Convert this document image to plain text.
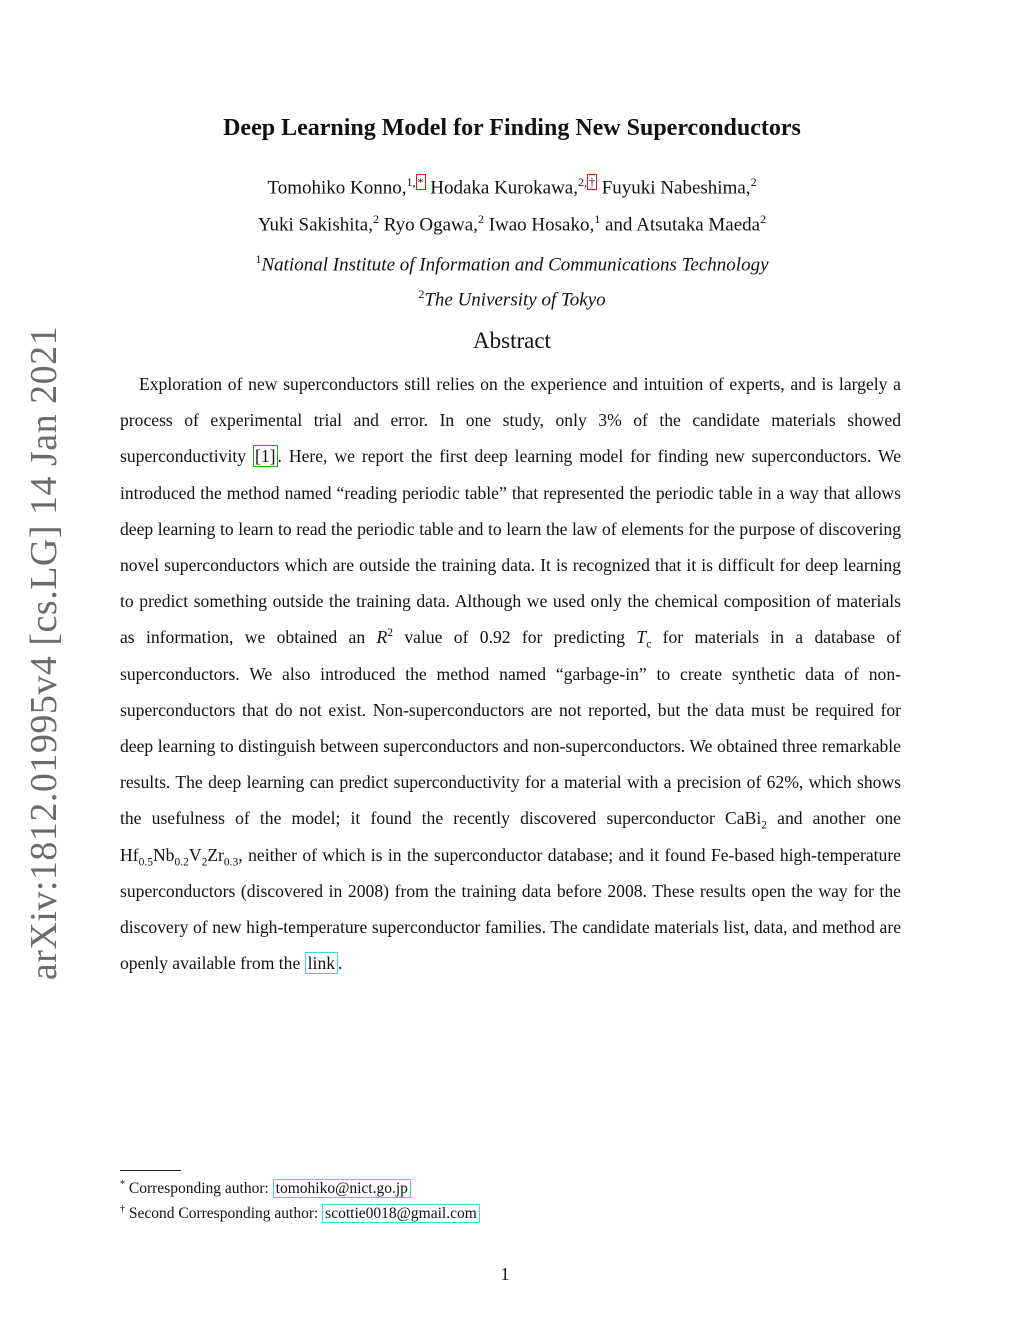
arXiv:1812.01995v4 [cs.LG] 14 Jan 2021
Deep Learning Model for Finding New Superconductors
Tomohiko Konno,$^{1,}$ * Hodaka Kurokawa,$^{2,}$ † Fuyuki Nabeshima,$^2$
Yuki Sakishita,$^2$ Ryo Ogawa,$^2$ Iwao Hosako,$^1$ and Atsutaka Maeda$^2$
$^1$National Institute of Information and Communications Technology
$^2$The University of Tokyo
Abstract

Exploration of new superconductors still relies on the experience and intuition of experts, and is largely a process of experimental trial and error. In one study, only 3% of the candidate materials showed superconductivity [1] . Here, we report the first deep learning model for finding new superconductors. We introduced the method named “reading periodic table” that represented the periodic table in a way that allows deep learning to learn to read the periodic table and to learn the law of elements for the purpose of discovering novel superconductors which are outside the training data. It is recognized that it is difficult for deep learning to predict something outside the training data. Although we used only the chemical composition of materials as information, we obtained an $R^2$ value of 0.92 for predicting $T_c$ for materials in a database of superconductors. We also introduced the method named “garbage-in” to create synthetic data of non-superconductors that do not exist. Non-superconductors are not reported, but the data must be required for deep learning to distinguish between superconductors and non-superconductors. We obtained three remarkable results. The deep learning can predict superconductivity for a material with a precision of 62%, which shows the usefulness of the model; it found the recently discovered superconductor CaBi$_2$ and another one $Hf_{0.5}Nb_{0.2}V_2Zr_{0.3}$, neither of which is in the superconductor database; and it found Fe-based high-temperature superconductors (discovered in 2008) from the training data before 2008. These results open the way for the discovery of new high-temperature superconductor families. The candidate materials list, data, and method are openly available from the link .

* Corresponding author: tomohiko@nict.go.jp
† Second Corresponding author: scottie0018@gmail.com
1
